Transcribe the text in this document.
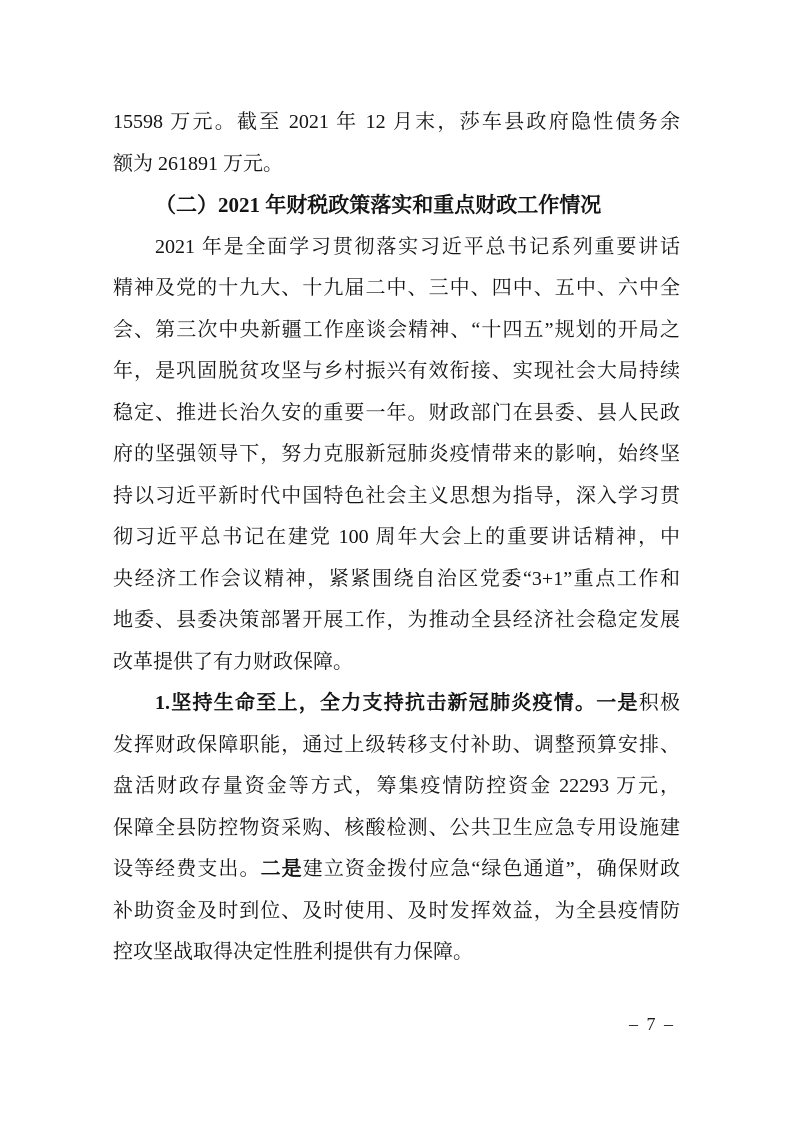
15598 万元。截至 2021 年 12 月末，莎车县政府隐性债务余
额为 261891 万元。
（二）2021 年财税政策落实和重点财政工作情况
2021 年是全面学习贯彻落实习近平总书记系列重要讲话
精神及党的十九大、十九届二中、三中、四中、五中、六中全
会、第三次中央新疆工作座谈会精神、“十四五”规划的开局之
年，是巩固脱贫攻坚与乡村振兴有效衔接、实现社会大局持续
稳定、推进长治久安的重要一年。财政部门在县委、县人民政
府的坚强领导下，努力克服新冠肺炎疫情带来的影响，始终坚
持以习近平新时代中国特色社会主义思想为指导，深入学习贯
彻习近平总书记在建党 100 周年大会上的重要讲话精神，中
央经济工作会议精神，紧紧围绕自治区党委“3+1”重点工作和
地委、县委决策部署开展工作，为推动全县经济社会稳定发展
改革提供了有力财政保障。
1.坚持生命至上，全力支持抗击新冠肺炎疫情。一是积极
发挥财政保障职能，通过上级转移支付补助、调整预算安排、
盘活财政存量资金等方式，筹集疫情防控资金 22293 万元，
保障全县防控物资采购、核酸检测、公共卫生应急专用设施建
设等经费支出。二是建立资金拨付应急“绿色通道”，确保财政
补助资金及时到位、及时使用、及时发挥效益，为全县疫情防
控攻坚战取得决定性胜利提供有力保障。
– 7 –
